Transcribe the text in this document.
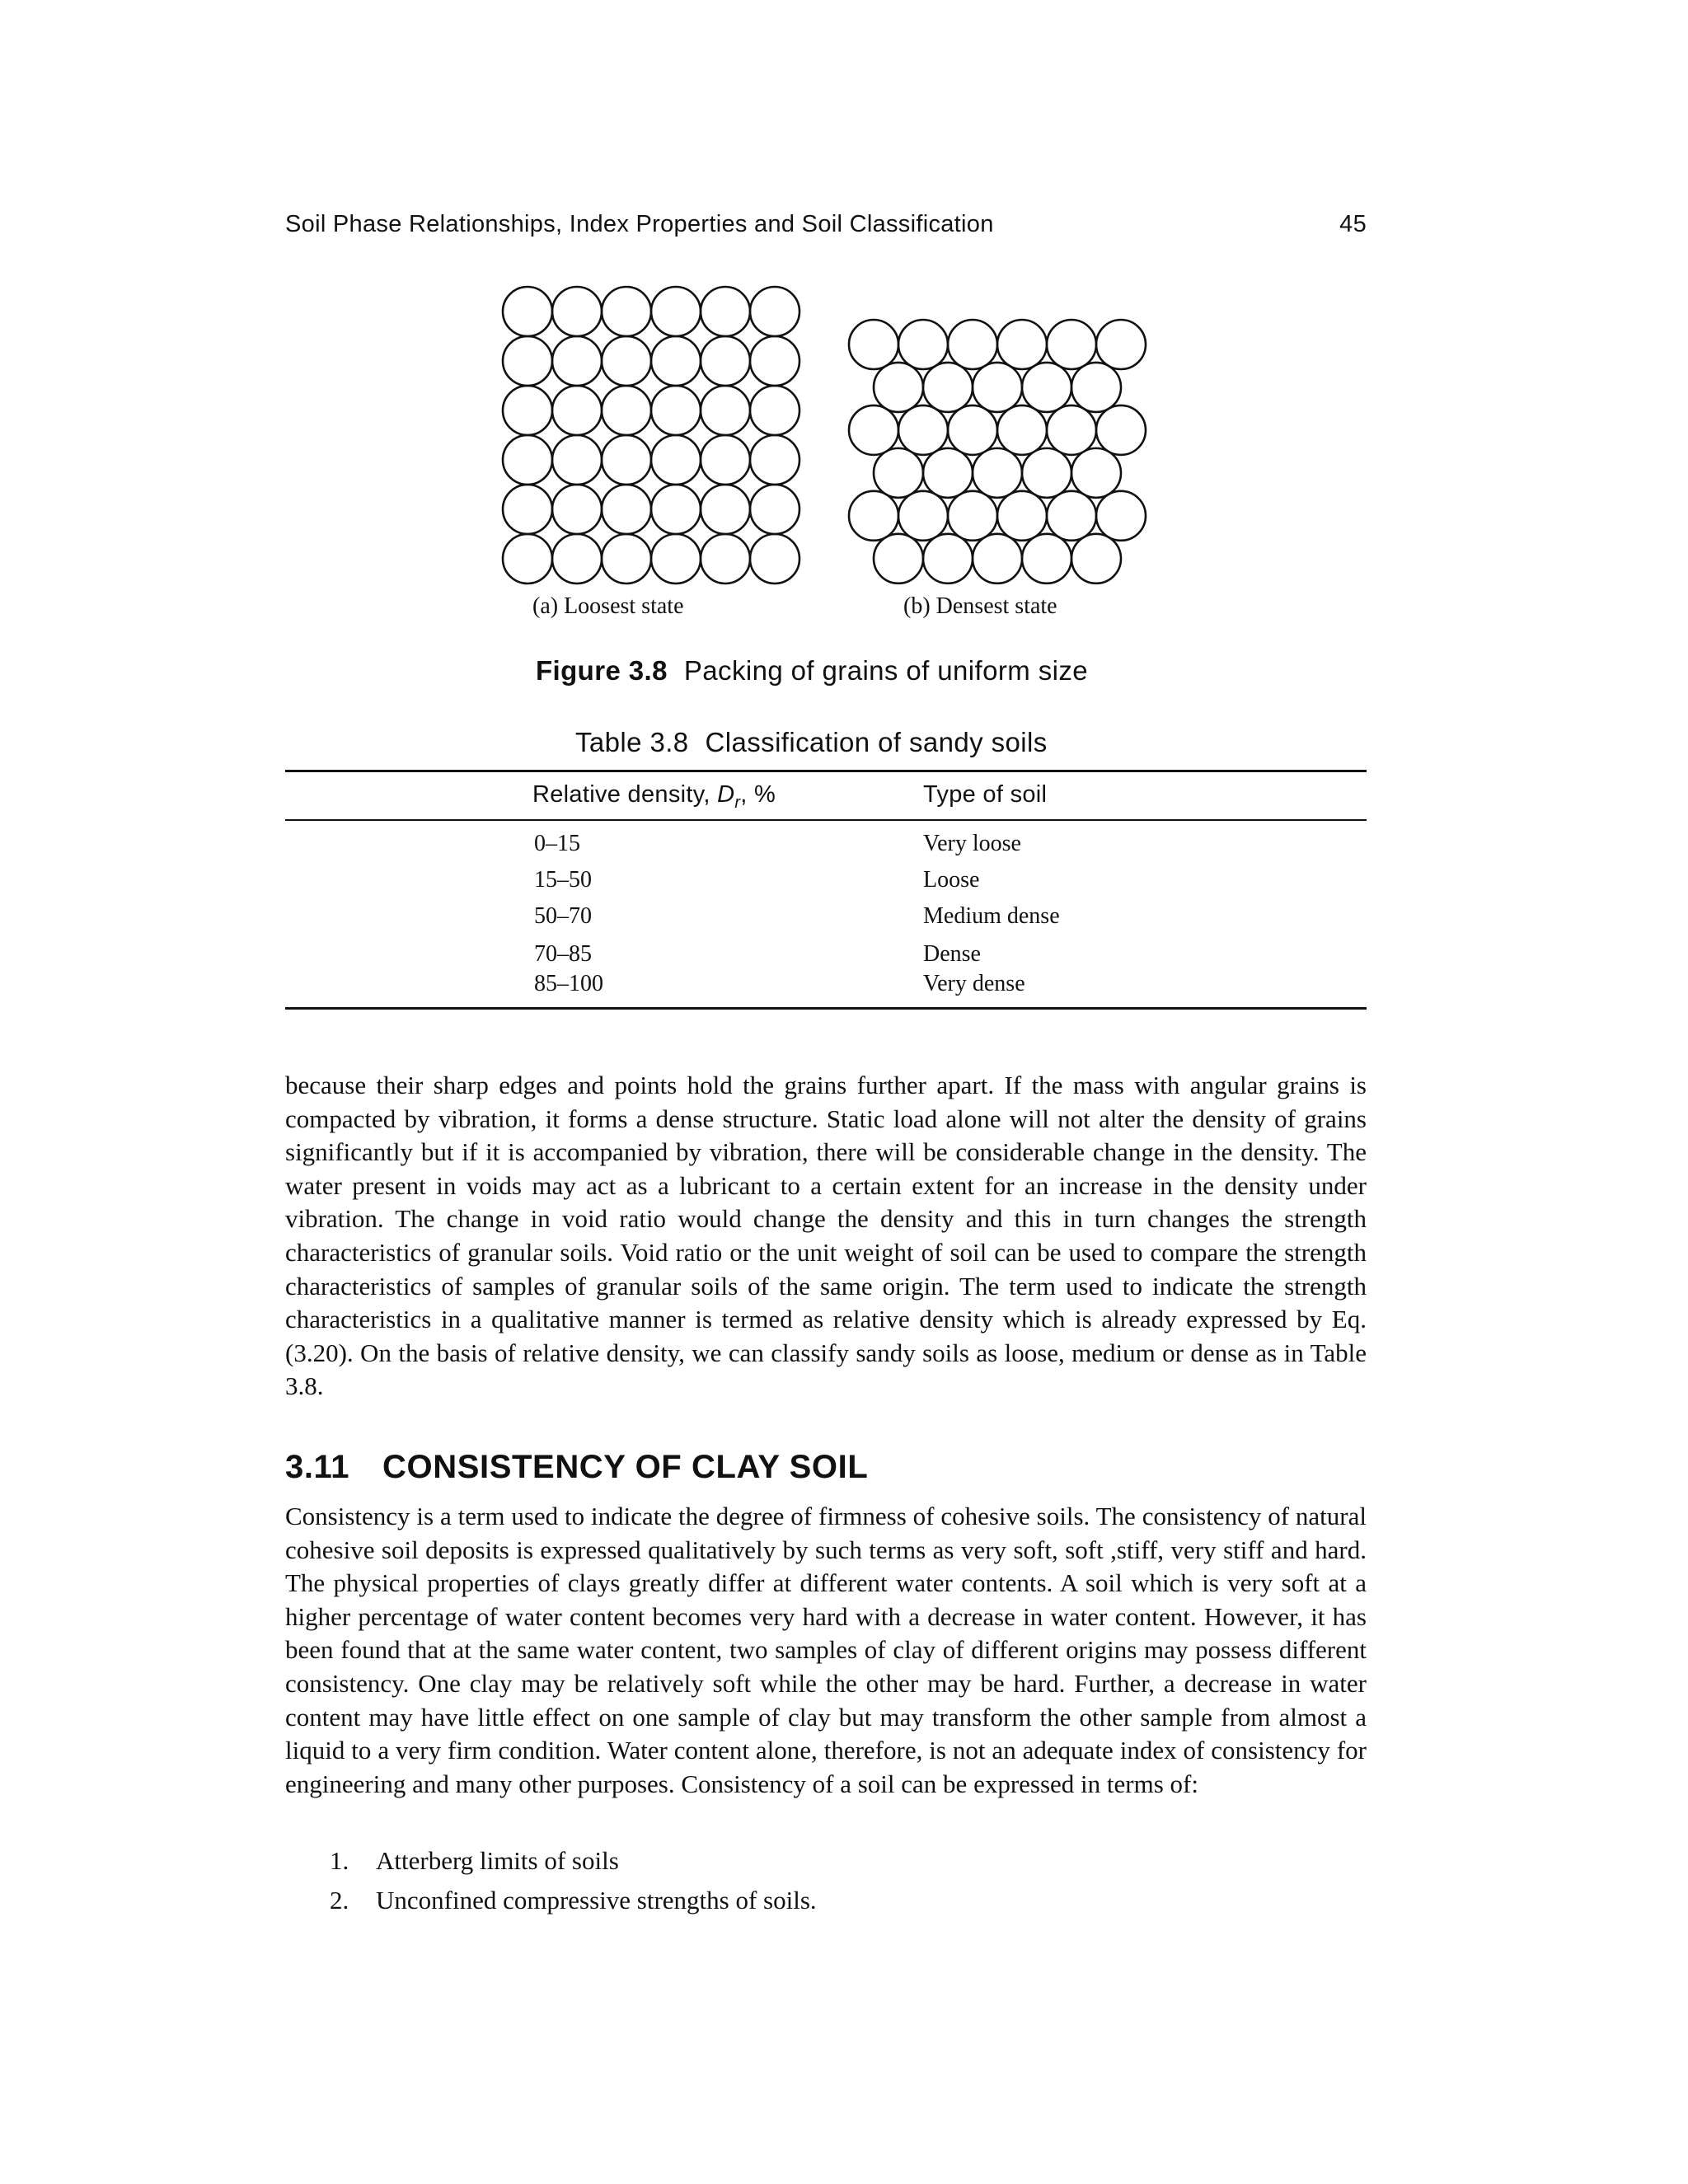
Soil Phase Relationships, Index Properties and Soil Classification	45
(a) Loosest state	(b) Densest state
Figure 3.8 Packing of grains of uniform size
Table 3.8 Classification of sandy soils
Relative density, $D_r$, %	Type of soil
0–15	Very loose
15–50	Loose
50–70	Medium dense
70–85	Dense
85–100	Very dense
because their sharp edges and points hold the grains further apart. If the mass with angular grains is compacted by vibration, it forms a dense structure. Static load alone will not alter the density of grains significantly but if it is accompanied by vibration, there will be considerable change in the density. The water present in voids may act as a lubricant to a certain extent for an increase in the density under vibration. The change in void ratio would change the density and this in turn changes the strength characteristics of granular soils. Void ratio or the unit weight of soil can be used to compare the strength characteristics of samples of granular soils of the same origin. The term used to indicate the strength characteristics in a qualitative manner is termed as relative density which is already expressed by Eq. (3.20). On the basis of relative density, we can classify sandy soils as loose, medium or dense as in Table 3.8.
3.11 CONSISTENCY OF CLAY SOIL
Consistency is a term used to indicate the degree of firmness of cohesive soils. The consistency of natural cohesive soil deposits is expressed qualitatively by such terms as very soft, soft ,stiff, very stiff and hard. The physical properties of clays greatly differ at different water contents. A soil which is very soft at a higher percentage of water content becomes very hard with a decrease in water content. However, it has been found that at the same water content, two samples of clay of different origins may possess different consistency. One clay may be relatively soft while the other may be hard. Further, a decrease in water content may have little effect on one sample of clay but may transform the other sample from almost a liquid to a very firm condition. Water content alone, therefore, is not an adequate index of consistency for engineering and many other purposes. Consistency of a soil can be expressed in terms of:
1. Atterberg limits of soils
2. Unconfined compressive strengths of soils.
